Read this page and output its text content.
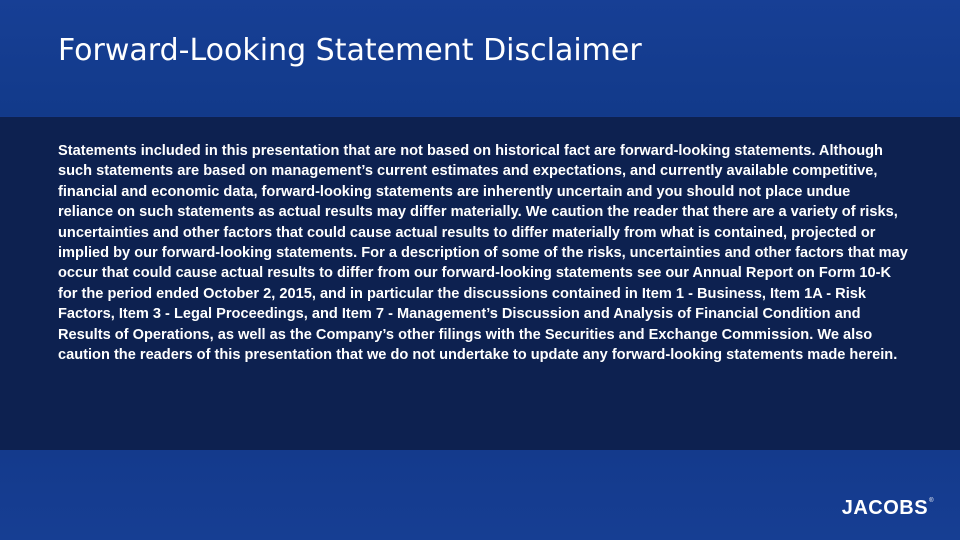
Forward-Looking Statement Disclaimer

Statements included in this presentation that are not based on historical fact are forward-looking statements. Although such statements are based on management’s current estimates and expectations, and currently available competitive, financial and economic data, forward-looking statements are inherently uncertain and you should not place undue reliance on such statements as actual results may differ materially. We caution the reader that there are a variety of risks, uncertainties and other factors that could cause actual results to differ materially from what is contained, projected or implied by our forward-looking statements. For a description of some of the risks, uncertainties and other factors that may occur that could cause actual results to differ from our forward-looking statements see our Annual Report on Form 10-K for the period ended October 2, 2015, and in particular the discussions contained in Item 1 - Business, Item 1A - Risk Factors, Item 3 - Legal Proceedings, and Item 7 - Management’s Discussion and Analysis of Financial Condition and Results of Operations, as well as the Company’s other filings with the Securities and Exchange Commission. We also caution the readers of this presentation that we do not undertake to update any forward-looking statements made herein.

JACOBS®
